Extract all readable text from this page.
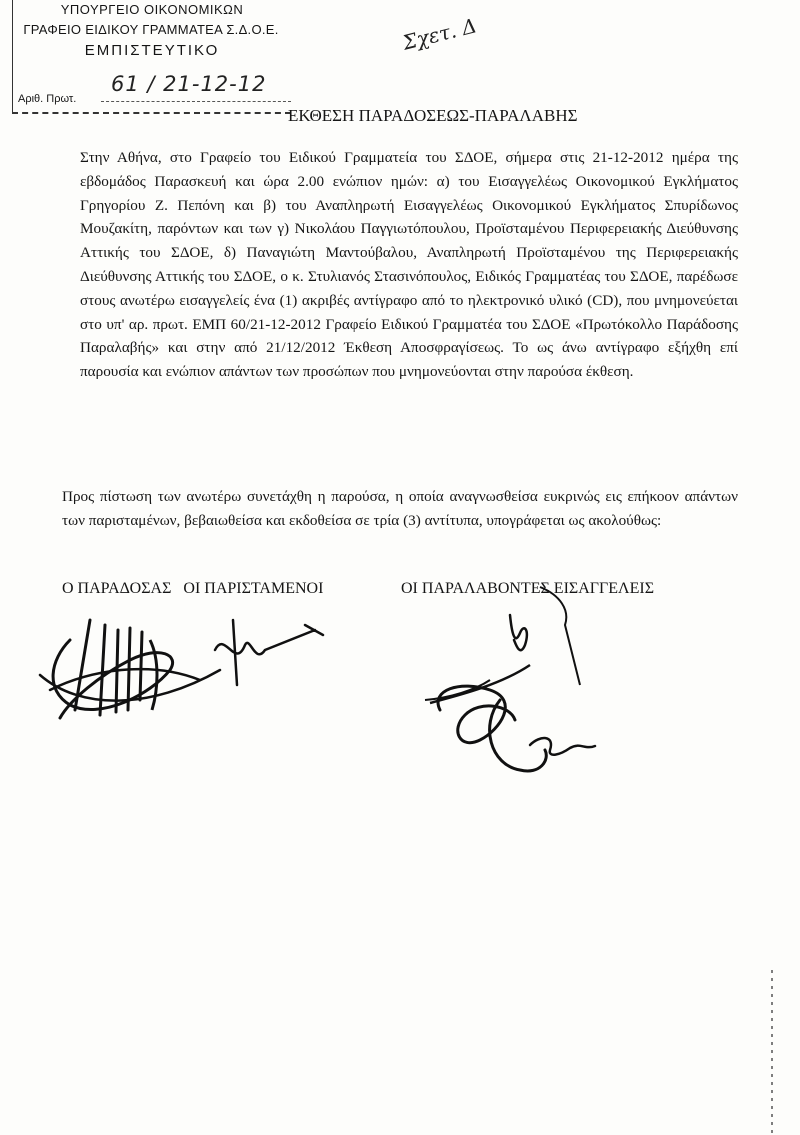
ΥΠΟΥΡΓΕΙΟ ΟΙΚΟΝΟΜΙΚΩΝ
ΓΡΑΦΕΙΟ ΕΙΔΙΚΟΥ ΓΡΑΜΜΑΤΕΑ Σ.Δ.Ο.Ε.
ΕΜΠΙΣΤΕΥΤΙΚΟ
61 / 21-12-12
Αριθ. Πρωτ.
Σχετ. Δ
ΕΚΘΕΣΗ ΠΑΡΑΔΟΣΕΩΣ-ΠΑΡΑΛΑΒΗΣ
Στην Αθήνα, στο Γραφείο του Ειδικού Γραμματεία του ΣΔΟΕ, σήμερα στις 21-12-2012 ημέρα της εβδομάδος Παρασκευή και ώρα 2.00 ενώπιον ημών: α) του Εισαγγελέως Οικονομικού Εγκλήματος Γρηγορίου Ζ. Πεπόνη και β) του Αναπληρωτή Εισαγγελέως Οικονομικού Εγκλήματος Σπυρίδωνος Μουζακίτη, παρόντων και των γ) Νικολάου Παγγιωτόπουλου, Προϊσταμένου Περιφερειακής Διεύθυνσης Αττικής του ΣΔΟΕ, δ) Παναγιώτη Μαντούβαλου, Αναπληρωτή Προϊσταμένου της Περιφερειακής Διεύθυνσης Αττικής του ΣΔΟΕ, ο κ. Στυλιανός Στασινόπουλος, Ειδικός Γραμματέας του ΣΔΟΕ, παρέδωσε στους ανωτέρω εισαγγελείς ένα (1) ακριβές αντίγραφο από το ηλεκτρονικό υλικό (CD), που μνημονεύεται στο υπ' αρ. πρωτ. ΕΜΠ 60/21-12-2012 Γραφείο Ειδικού Γραμματέα του ΣΔΟΕ «Πρωτόκολλο Παράδοσης Παραλαβής» και στην από 21/12/2012 Έκθεση Αποσφραγίσεως. Το ως άνω αντίγραφο εξήχθη επί παρουσία και ενώπιον απάντων των προσώπων που μνημονεύονται στην παρούσα έκθεση.
Προς πίστωση των ανωτέρω συνετάχθη η παρούσα, η οποία αναγνωσθείσα ευκρινώς εις επήκοον απάντων των παρισταμένων, βεβαιωθείσα και εκδοθείσα σε τρία (3) αντίτυπα, υπογράφεται ως ακολούθως:
Ο ΠΑΡΑΔΟΣΑΣ   ΟΙ ΠΑΡΙΣΤΑΜΕΝΟΙ	ΟΙ ΠΑΡΑΛΑΒΟΝΤΕΣ ΕΙΣΑΓΓΕΛΕΙΣ
